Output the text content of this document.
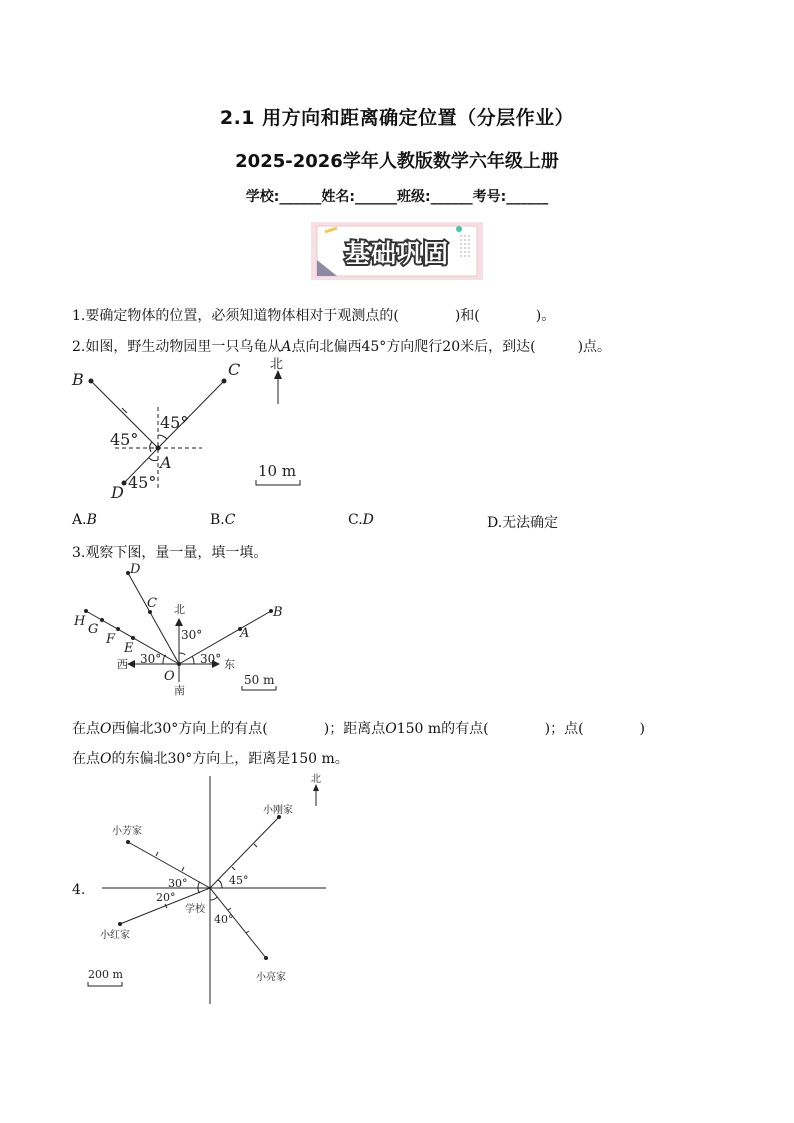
2.1 用方向和距离确定位置（分层作业）
2025-2026学年人教版数学六年级上册
学校:______姓名:______班级:______考号:______
基础巩固
1.要确定物体的位置，必须知道物体相对于观测点的(　　　　)和(　　　　)。
2.如图，野生动物园里一只乌龟从A点向北偏西45°方向爬行20米后，到达(　　　)点。
B
C
A
D
45°
45°
45°
北
10 m
A.B	B.C	C.D	D.无法确定
3.观察下图，量一量，填一填。
D
C
B
A
H
G
F
E
O
北
西	东
南
30°
30°	30°
50 m
在点O西偏北30°方向上的有点(　　　　)；距离点O150 m的有点(　　　　)；点(　　　　)
在点O的东偏北30°方向上，距离是150 m。
4.
北
小刚家
小芳家
小红家
小亮家
学校
30°
20°
45°
40°
200 m
